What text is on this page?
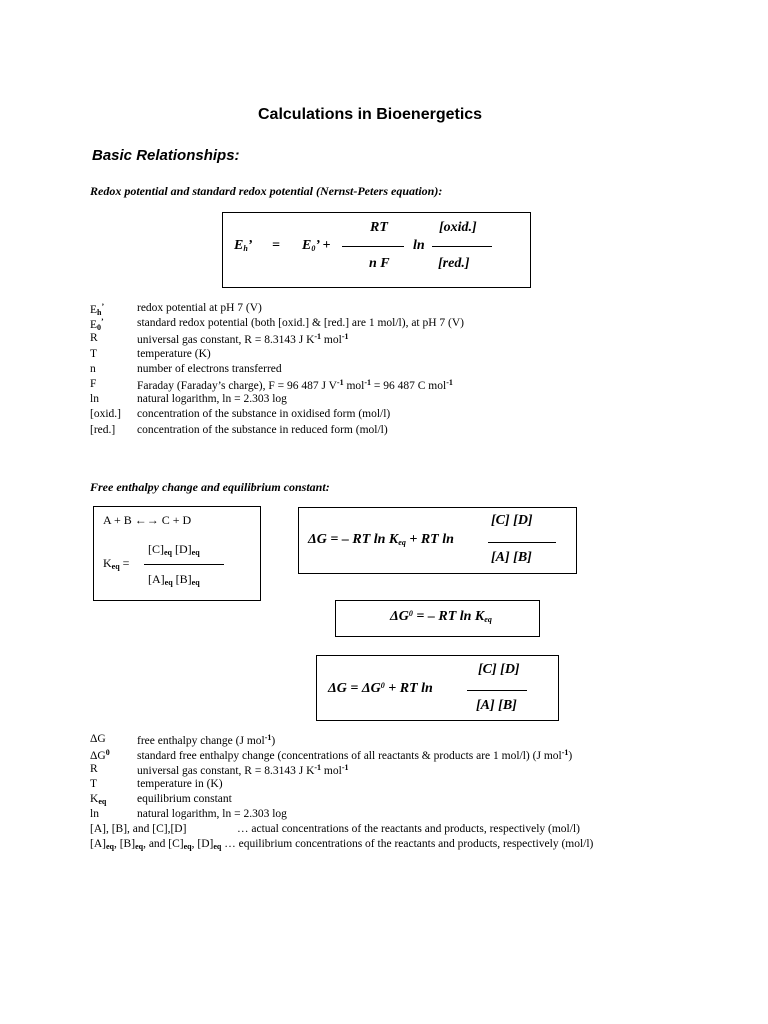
Calculations in Bioenergetics
Basic Relationships:
Redox potential and standard redox potential (Nernst-Peters equation):
$E_h$’ = $E_0$’ +
RT
n F
ln
[oxid.]
[red.]
$E_h^’$	redox potential at pH 7 (V)
$E_0^’$	standard redox potential (both [oxid.] & [red.] are 1 mol/l), at pH 7 (V)
R	universal gas constant, R = 8.3143 J $K^{-1}$ mol$^{-1}$
T	temperature (K)
n	number of electrons transferred
F	Faraday (Faraday’s charge), F = 96 487 J $V^{-1}$ mol$^{-1}$ = 96 487 C mol$^{-1}$
ln	natural logarithm, ln = 2.303 log
[oxid.] concentration of the substance in oxidised form (mol/l)
[red.] concentration of the substance in reduced form (mol/l)
Free enthalpy change and equilibrium constant:
A + B ←→ C + D
$K_{eq}$ =
$[C]_{eq}$ $[D]_{eq}$
$[A]_{eq}$ $[B]_{eq}$
ΔG = – RT $\ln K_{eq}$ + RT ln
[C] [D]
[A] [B]
$\Delta G^0$ = – RT $\ln K_{eq}$
$\Delta G = \Delta G^0$ + RT ln
[C] [D]
[A] [B]
ΔG	free enthalpy change (J mol$^{-1}$)
$\Delta G^0$ standard free enthalpy change (concentrations of all reactants & products are 1 mol/l) (J mol$^{-1}$)
R	universal gas constant, R = 8.3143 J $K^{-1}$ mol$^{-1}$
T	temperature in (K)
$K_{eq}$	equilibrium constant
ln	natural logarithm, ln = 2.303 log
[A], [B], and [C],[D]	… actual concentrations of the reactants and products, respectively (mol/l)
$[A]_{eq}$, $[B]_{eq}$, and $[C]_{eq}$, $[D]_{eq}$ … equilibrium concentrations of the reactants and products, respectively (mol/l)
